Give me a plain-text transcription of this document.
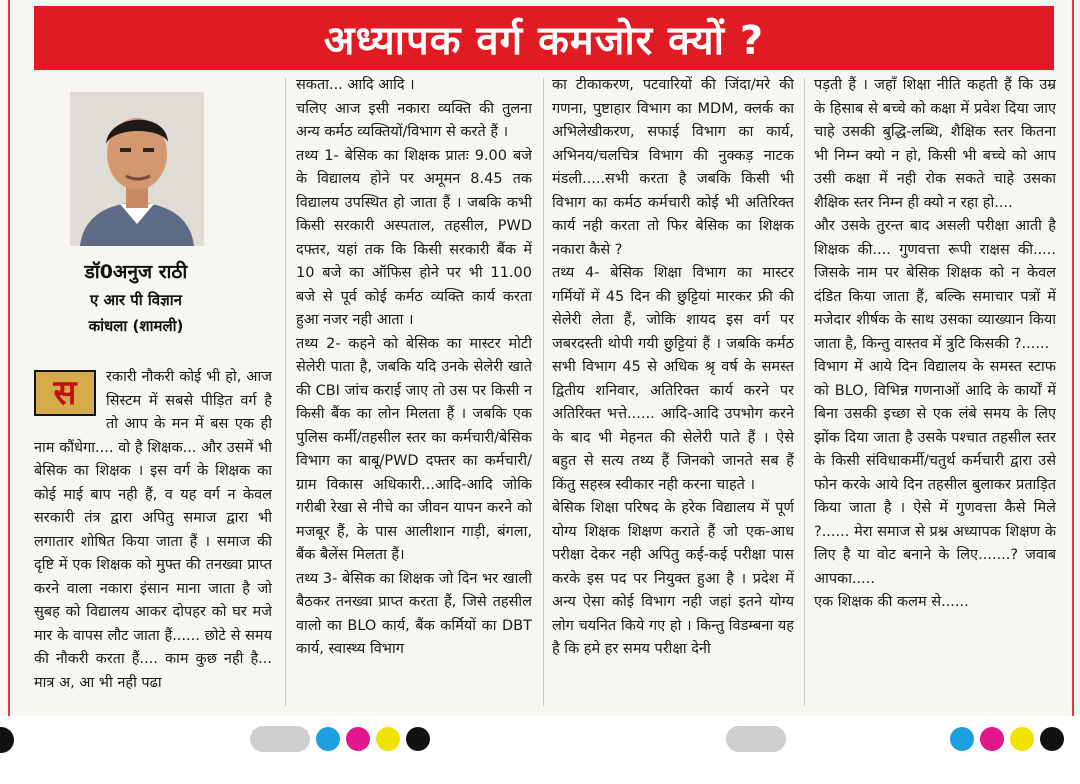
अध्यापक वर्ग कमजोर क्यों ?
डॉ0अनुज राठी
ए आर पी विज्ञान
कांधला (शामली)
स	रकारी नौकरी कोई भी हो, आज सिस्टम में सबसे पीड़ित वर्ग है तो आप के मन में बस एक ही नाम कौंधेगा.... वो है शिक्षक... और उसमें भी बेसिक का शिक्षक । इस वर्ग के शिक्षक का कोई माई बाप नही हैं, व यह वर्ग न केवल सरकारी तंत्र द्वारा अपितु समाज द्वारा भी लगातार शोषित किया जाता हैं । समाज की दृष्टि में एक शिक्षक को मुफ्त की तनख्वा प्राप्त करने वाला नकारा इंसान माना जाता है जो सुबह को विद्यालय आकर दोपहर को घर मजे मार के वापस लौट जाता हैं...... छोटे से समय की नौकरी करता हैं.... काम कुछ नही है... मात्र अ, आ भी नही पढा

सकता... आदि आदि ।

चलिए आज इसी नकारा व्यक्ति की तुलना अन्य कर्मठ व्यक्तियों/विभाग से करते हैं ।

तथ्य 1- बेसिक का शिक्षक प्रातः 9.00 बजे के विद्यालय होने पर अमूमन 8.45 तक विद्यालय उपस्थित हो जाता हैं । जबकि कभी किसी सरकारी अस्पताल, तहसील, PWD दफ्तर, यहां तक कि किसी सरकारी बैंक में 10 बजे का ऑफिस होने पर भी 11.00 बजे से पूर्व कोई कर्मठ व्यक्ति कार्य करता हुआ नजर नही आता ।

तथ्य 2- कहने को बेसिक का मास्टर मोटी सेलेरी पाता है, जबकि यदि उनके सेलेरी खाते की CBI जांच कराई जाए तो उस पर किसी न किसी बैंक का लोन मिलता हैं । जबकि एक पुलिस कर्मी/तहसील स्तर का कर्मचारी/बेसिक विभाग का बाबू/PWD दफ्तर का कर्मचारी/ग्राम विकास अधिकारी...आदि-आदि जोकि गरीबी रेखा से नीचे का जीवन यापन करने को मजबूर हैं, के पास आलीशान गाड़ी, बंगला, बैंक बैलेंस मिलता हैं।

तथ्य 3- बेसिक का शिक्षक जो दिन भर खाली बैठकर तनख्वा प्राप्त करता हैं, जिसे तहसील वालो का BLO कार्य, बैंक कर्मियों का DBT कार्य, स्वास्थ्य विभाग

का टीकाकरण, पटवारियों की जिंदा/मरे की गणना, पुष्टाहार विभाग का MDM, क्लर्क का अभिलेखीकरण, सफाई विभाग का कार्य, अभिनय/चलचित्र विभाग की नुक्कड़ नाटक मंडली.....सभी करता है जबकि किसी भी विभाग का कर्मठ कर्मचारी कोई भी अतिरिक्त कार्य नही करता तो फिर बेसिक का शिक्षक नकारा कैसे ?

तथ्य 4- बेसिक शिक्षा विभाग का मास्टर गर्मियों में 45 दिन की छुट्टियां मारकर फ्री की सेलेरी लेता हैं, जोकि शायद इस वर्ग पर जबरदस्ती थोपी गयी छुट्टियां हैं । जबकि कर्मठ सभी विभाग 45 से अधिक श्रृ वर्ष के समस्त द्वितीय शनिवार, अतिरिक्त कार्य करने पर अतिरिक्त भत्ते...... आदि-आदि उपभोग करने के बाद भी मेहनत की सेलेरी पाते हैं । ऐसे बहुत से सत्य तथ्य हैं जिनको जानते सब हैं किंतु सहस्त्र स्वीकार नही करना चाहते ।

बेसिक शिक्षा परिषद के हरेक विद्यालय में पूर्ण योग्य शिक्षक शिक्षण कराते हैं जो एक-आध परीक्षा देकर नही अपितु कई-कई परीक्षा पास करके इस पद पर नियुक्त हुआ है । प्रदेश में अन्य ऐसा कोई विभाग नही जहां इतने योग्य लोग चयनित किये गए हो । किन्तु विडम्बना यह है कि हमे हर समय परीक्षा देनी

पड़ती हैं । जहाँ शिक्षा नीति कहती हैं कि उम्र के हिसाब से बच्चे को कक्षा में प्रवेश दिया जाए चाहे उसकी बुद्धि-लब्धि, शैक्षिक स्तर कितना भी निम्न क्यो न हो, किसी भी बच्चे को आप उसी कक्षा में नही रोक सकते चाहे उसका शैक्षिक स्तर निम्न ही क्यो न रहा हो....

और उसके तुरन्त बाद असली परीक्षा आती है शिक्षक की.... गुणवत्ता रूपी राक्षस की..... जिसके नाम पर बेसिक शिक्षक को न केवल दंडित किया जाता हैं, बल्कि समाचार पत्रों में मजेदार शीर्षक के साथ उसका व्याख्यान किया जाता है, किन्तु वास्तव में त्रुटि किसकी ?......

विभाग में आये दिन विद्यालय के समस्त स्टाफ को BLO, विभिन्न गणनाओं आदि के कार्यों में बिना उसकी इच्छा से एक लंबे समय के लिए झोंक दिया जाता है उसके पश्चात तहसील स्तर के किसी संविधाकर्मी/चतुर्थ कर्मचारी द्वारा उसे फोन करके आये दिन तहसील बुलाकर प्रताड़ित किया जाता है । ऐसे में गुणवत्ता कैसे मिले ?...... मेरा समाज से प्रश्न अध्यापक शिक्षण के लिए है या वोट बनाने के लिए.......? जवाब आपका.....

एक शिक्षक की कलम से......
